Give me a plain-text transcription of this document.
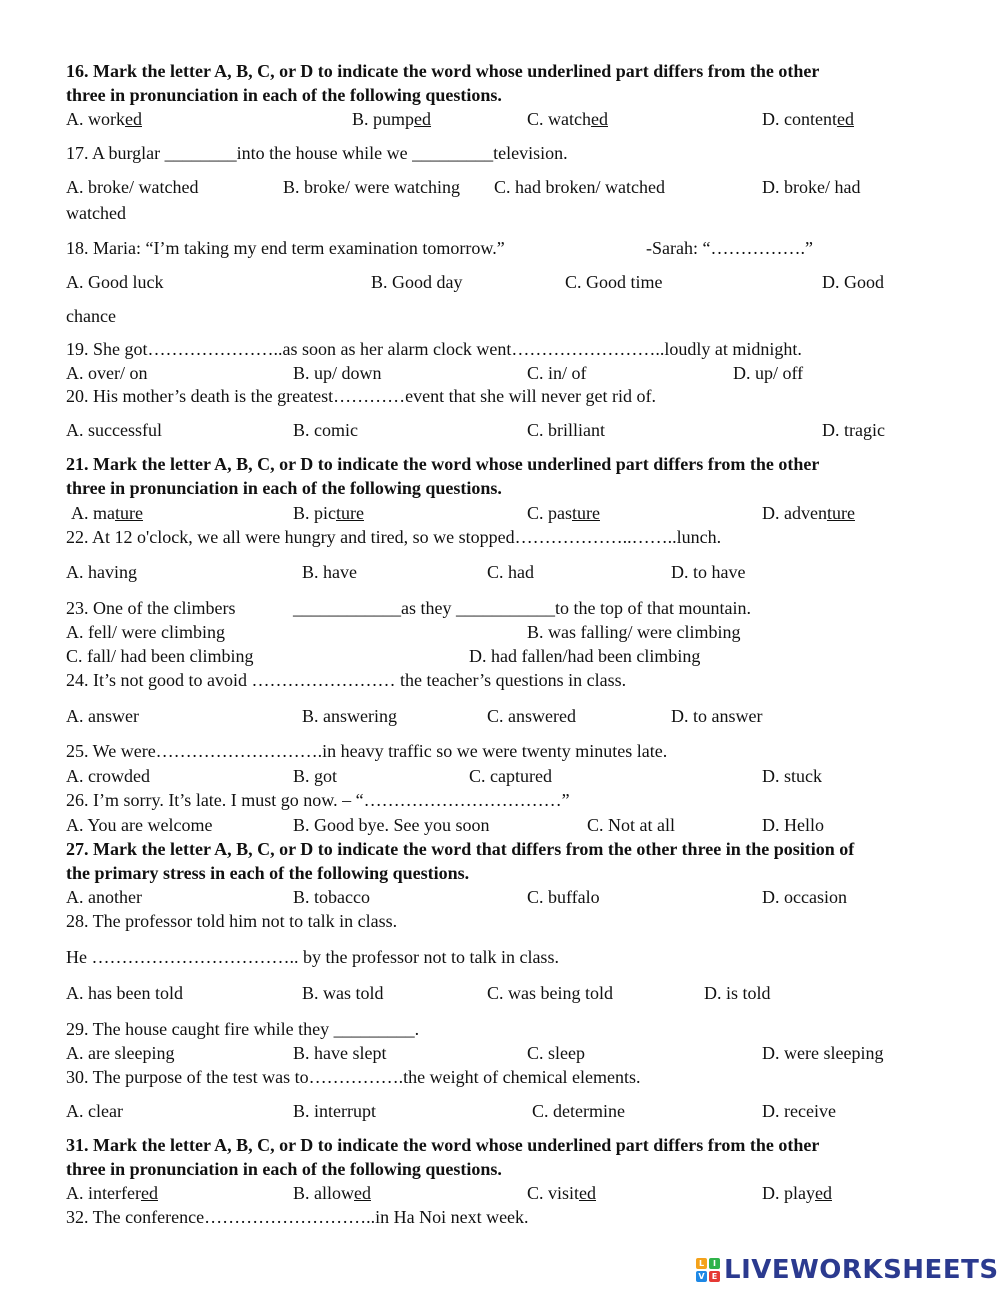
16. Mark the letter A, B, C, or D to indicate the word whose underlined part differs from the other
three in pronunciation in each of the following questions.
A. worked	B. pumped	C. watched	D. contented
17. A burglar ________into the house while we _________television.
A. broke/ watched	B. broke/ were watching C. had broken/ watched	D. broke/ had
watched
18. Maria: “I’m taking my end term examination tomorrow.”	-Sarah: “…………….”
A. Good luck	B. Good day	C. Good time	D. Good
chance
19. She got…………………..as soon as her alarm clock went……………………..loudly at midnight.
A. over/ on	B. up/ down	C. in/ of	D. up/ off
20. His mother’s death is the greatest…………event that she will never get rid of.
A. successful	B. comic	C. brilliant	D. tragic
21. Mark the letter A, B, C, or D to indicate the word whose underlined part differs from the other
three in pronunciation in each of the following questions.
A. mature	B. picture	C. pasture	D. adventure
22. At 12 o'clock, we all were hungry and tired, so we stopped………………..……..lunch.
A. having	B. have	C. had	D. to have
23. One of the climbers	____________as they ___________to the top of that mountain.
A. fell/ were climbing	B. was falling/ were climbing
C. fall/ had been climbing	D. had fallen/had been climbing
24. It’s not good to avoid …………………… the teacher’s questions in class.
A. answer	B. answering	C. answered	D. to answer
25. We were……………………….in heavy traffic so we were twenty minutes late.
A. crowded	B. got	C. captured	D. stuck
26. I’m sorry. It’s late. I must go now. – “……………………………”
A. You are welcome	B. Good bye. See you soon	C. Not at all	D. Hello
27. Mark the letter A, B, C, or D to indicate the word that differs from the other three in the position of
the primary stress in each of the following questions.
A. another	B. tobacco	C. buffalo	D. occasion
28. The professor told him not to talk in class.
He …………………………….. by the professor not to talk in class.
A. has been told	B. was told	C. was being told	D. is told
29. The house caught fire while they _________.
A. are sleeping	B. have slept	C. sleep	D. were sleeping
30. The purpose of the test was to…………….the weight of chemical elements.
A. clear	B. interrupt	C. determine	D. receive
31. Mark the letter A, B, C, or D to indicate the word whose underlined part differs from the other
three in pronunciation in each of the following questions.
A. interfered	B. allowed	C. visited	D. played
32. The conference………………………..in Ha Noi next week.
L	I
V E LIVEWORKSHEETS
